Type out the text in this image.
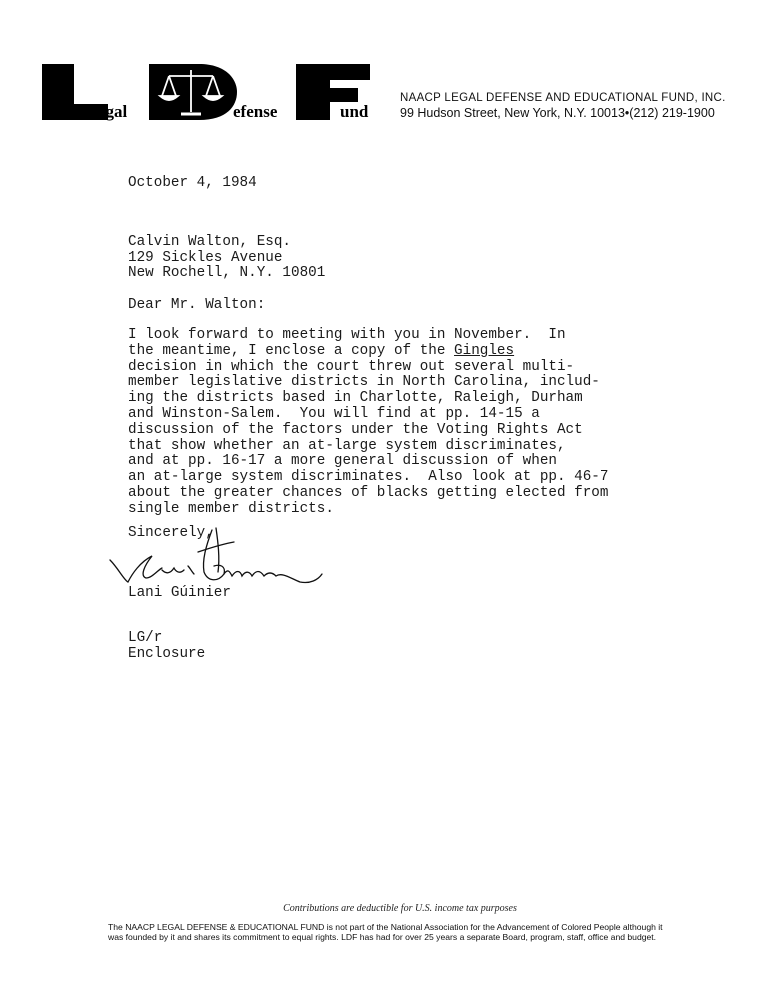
egal	efense	und
NAACP LEGAL DEFENSE AND EDUCATIONAL FUND, INC.
99 Hudson Street, New York, N.Y. 10013•(212) 219-1900
October 4, 1984
Calvin Walton, Esq.
129 Sickles Avenue
New Rochell, N.Y. 10801
Dear Mr. Walton:
I look forward to meeting with you in November.  In
the meantime, I enclose a copy of the Gingles
decision in which the court threw out several multi-
member legislative districts in North Carolina, includ-
ing the districts based in Charlotte, Raleigh, Durham
and Winston-Salem.  You will find at pp. 14-15 a
discussion of the factors under the Voting Rights Act
that show whether an at-large system discriminates,
and at pp. 16-17 a more general discussion of when
an at-large system discriminates.  Also look at pp. 46-7
about the greater chances of blacks getting elected from
single member districts.
Sincerely,
Lani Gúinier
LG/r
Enclosure
Contributions are deductible for U.S. income tax purposes
The NAACP LEGAL DEFENSE & EDUCATIONAL FUND is not part of the National Association for the Advancement of Colored People although it
was founded by it and shares its commitment to equal rights. LDF has had for over 25 years a separate Board, program, staff, office and budget.
